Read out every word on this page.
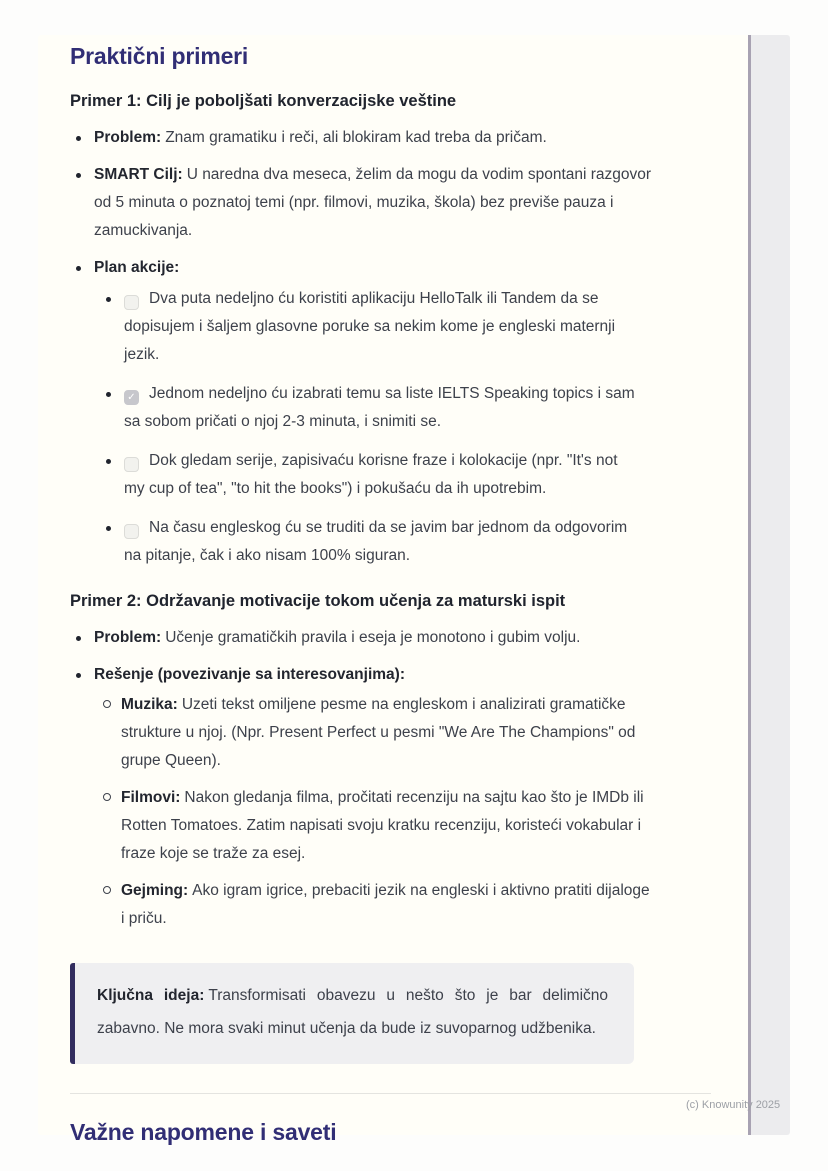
Praktični primeri
Primer 1: Cilj je poboljšati konverzacijske veštine
Problem: Znam gramatiku i reči, ali blokiram kad treba da pričam.
SMART Cilj: U naredna dva meseca, želim da mogu da vodim spontani razgovor od 5 minuta o poznatoj temi (npr. filmovi, muzika, škola) bez previše pauza i zamuckivanja.
Plan akcije:
Dva puta nedeljno ću koristiti aplikaciju HelloTalk ili Tandem da se dopisujem i šaljem glasovne poruke sa nekim kome je engleski maternji jezik.
✓ Jednom nedeljno ću izabrati temu sa liste IELTS Speaking topics i sam sa sobom pričati o njoj 2-3 minuta, i snimiti se.
Dok gledam serije, zapisivaću korisne fraze i kolokacije (npr. "It's not my cup of tea", "to hit the books") i pokušaću da ih upotrebim.
Na času engleskog ću se truditi da se javim bar jednom da odgovorim na pitanje, čak i ako nisam 100% siguran.
Primer 2: Održavanje motivacije tokom učenja za maturski ispit
Problem: Učenje gramatičkih pravila i eseja je monotono i gubim volju.
Rešenje (povezivanje sa interesovanjima):
Muzika: Uzeti tekst omiljene pesme na engleskom i analizirati gramatičke strukture u njoj. (Npr. Present Perfect u pesmi "We Are The Champions" od grupe Queen).
Filmovi: Nakon gledanja filma, pročitati recenziju na sajtu kao što je IMDb ili Rotten Tomatoes. Zatim napisati svoju kratku recenziju, koristeći vokabular i fraze koje se traže za esej.
Gejming: Ako igram igrice, prebaciti jezik na engleski i aktivno pratiti dijaloge i priču.
Ključna ideja: Transformisati obavezu u nešto što je bar delimično zabavno. Ne mora svaki minut učenja da bude iz suvoparnog udžbenika.
Važne napomene i saveti
(c) Knowunity 2025
